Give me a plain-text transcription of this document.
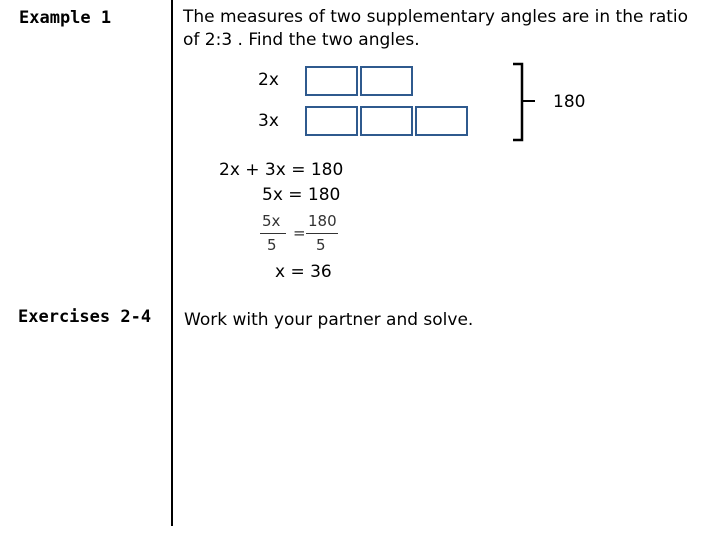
Example 1
Exercises 2-4
The measures of two supplementary angles are in the ratio of 2:3 . Find the two angles.
2x
3x
180
2x + 3x = 180
5x = 180
5x
5
=
180
5
x = 36
Work with your partner and solve.
